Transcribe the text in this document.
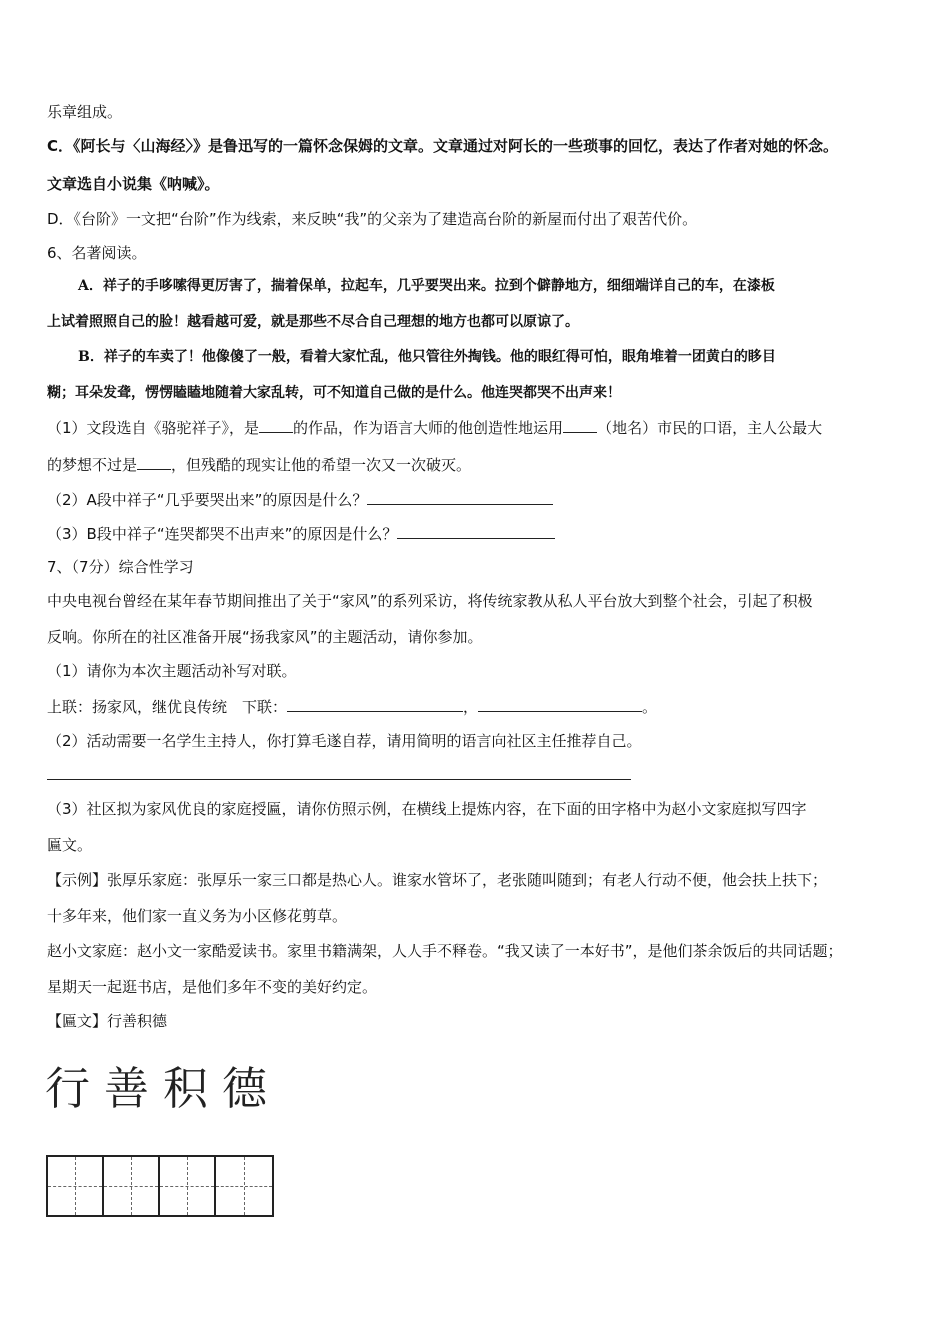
乐章组成。
C．《阿长与〈山海经〉》是鲁迅写的一篇怀念保姆的文章。文章通过对阿长的一些琐事的回忆，表达了作者对她的怀念。
文章选自小说集《呐喊》。
D．《台阶》一文把“台阶”作为线索，来反映“我”的父亲为了建造高台阶的新屋而付出了艰苦代价。
6、名著阅读。
A．祥子的手哆嗦得更厉害了，揣着保单，拉起车，几乎要哭出来。拉到个僻静地方，细细端详自己的车，在漆板
上试着照照自己的脸！越看越可爱，就是那些不尽合自己理想的地方也都可以原谅了。
B．祥子的车卖了！他像傻了一般，看着大家忙乱，他只管往外掏钱。他的眼红得可怕，眼角堆着一团黄白的眵目
糊；耳朵发聋，愣愣瞌瞌地随着大家乱转，可不知道自己做的是什么。他连哭都哭不出声来！
（1）文段选自《骆驼祥子》，是 的作品，作为语言大师的他创造性地运用 （地名）市民的口语，主人公最大
的梦想不过是 ，但残酷的现实让他的希望一次又一次破灭。
（2）A段中祥子“几乎要哭出来”的原因是什么？
（3）B段中祥子“连哭都哭不出声来”的原因是什么？
7、（7分）综合性学习
中央电视台曾经在某年春节期间推出了关于“家风”的系列采访，将传统家教从私人平台放大到整个社会，引起了积极
反响。你所在的社区准备开展“扬我家风”的主题活动，请你参加。
（1）请你为本次主题活动补写对联。
上联：扬家风，继优良传统　下联：	，	。
（2）活动需要一名学生主持人，你打算毛遂自荐，请用简明的语言向社区主任推荐自己。
（3）社区拟为家风优良的家庭授匾，请你仿照示例，在横线上提炼内容，在下面的田字格中为赵小文家庭拟写四字
匾文。
【示例】张厚乐家庭：张厚乐一家三口都是热心人。谁家水管坏了，老张随叫随到；有老人行动不便，他会扶上扶下；
十多年来，他们家一直义务为小区修花剪草。
赵小文家庭：赵小文一家酷爱读书。家里书籍满架，人人手不释卷。“我又读了一本好书”，是他们茶余饭后的共同话题；
星期天一起逛书店，是他们多年不变的美好约定。
【匾文】行善积德
行善积德
